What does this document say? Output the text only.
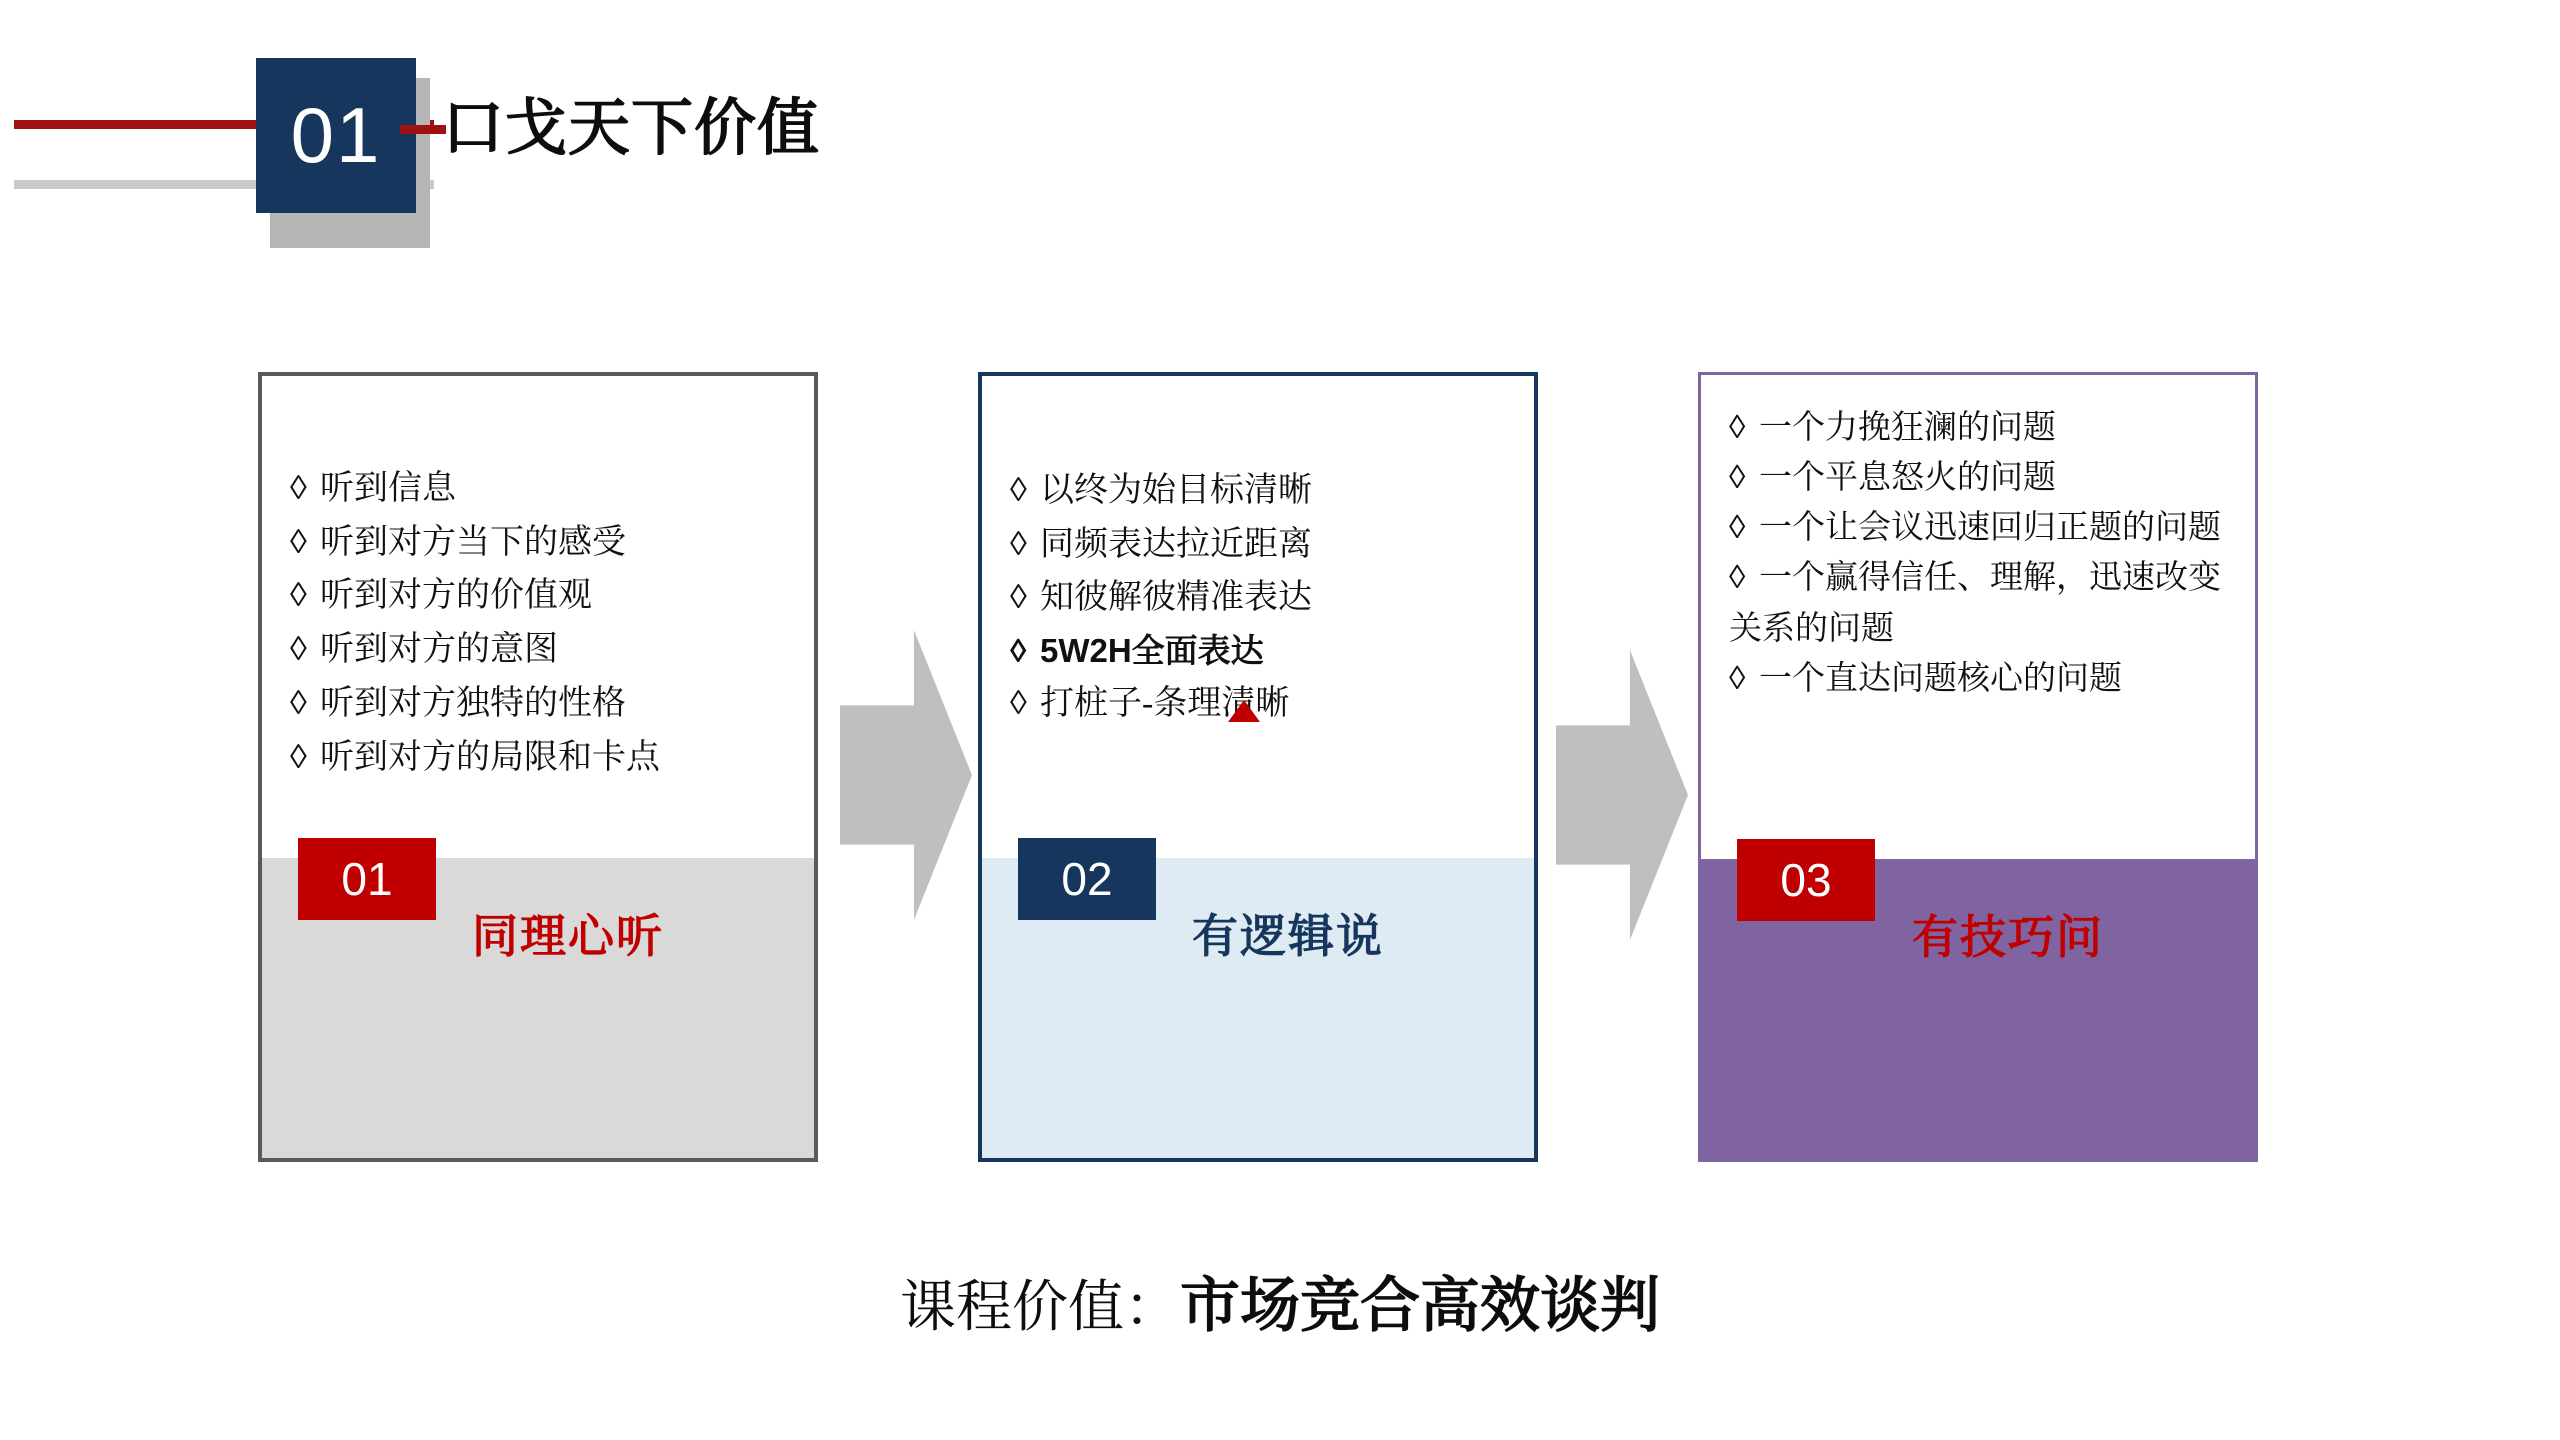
01 口戈天下价值
◊ 听到信息
◊ 听到对方当下的感受
◊ 听到对方的价值观
◊ 听到对方的意图
◊ 听到对方独特的性格
◊ 听到对方的局限和卡点
01
同理心听
◊ 以终为始目标清晰
◊ 同频表达拉近距离
◊ 知彼解彼精准表达
◊ 5W2H全面表达
◊ 打桩子-条理清晰
02
有逻辑说
◊ 一个力挽狂澜的问题
◊ 一个平息怒火的问题
◊ 一个让会议迅速回归正题的问题
◊ 一个赢得信任、理解，迅速改变关系的问题
◊ 一个直达问题核心的问题
03
有技巧问
课程价值：市场竞合高效谈判
